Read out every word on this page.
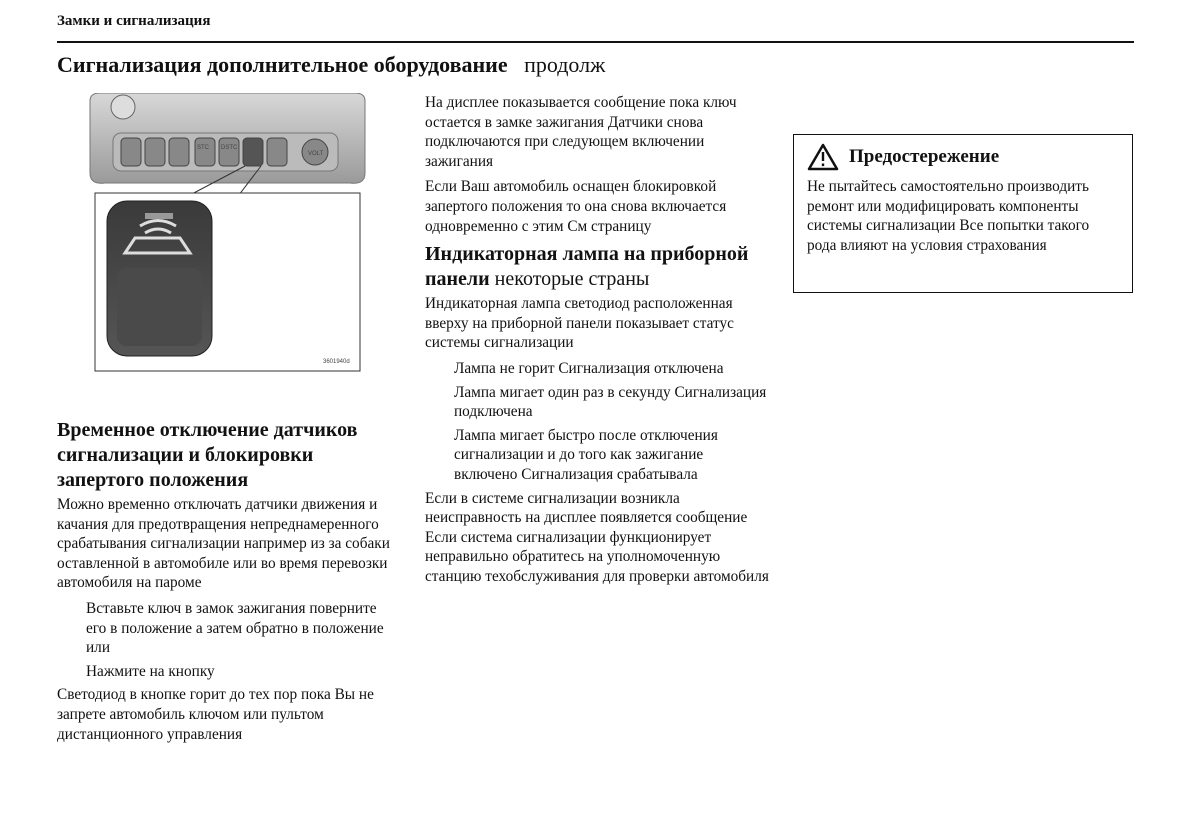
Замки и сигнализация
Сигнализация дополнительное оборудование продолж
STC DSTC
VOLT
3601940d
Временное отключение датчиков сигнализации и блокировки запертого положения

Можно временно отключать датчики движения и качания для предотвращения непреднамеренного срабатывания сигнализации например из за собаки оставленной в автомобиле или во время перевозки автомобиля на пароме

Вставьте ключ в замок зажигания поверните его в положение а затем обратно в положение или

Нажмите на кнопку

Светодиод в кнопке горит до тех пор пока Вы не запрете автомобиль ключом или пультом дистанционного управления

На дисплее показывается сообщение пока ключ остается в замке зажигания Датчики снова подключаются при следующем включении зажигания

Если Ваш автомобиль оснащен блокировкой запертого положения то она снова включается одновременно с этим См страницу

Индикаторная лампа на приборной панели некоторые страны

Индикаторная лампа светодиод расположенная вверху на приборной панели показывает статус системы сигнализации

Лампа не горит Сигнализация отключена

Лампа мигает один раз в секунду Сигнализация подключена

Лампа мигает быстро после отключения сигнализации и до того как зажигание включено Сигнализация срабатывала

Если в системе сигнализации возникла неисправность на дисплее появляется сообщение

Если система сигнализации функционирует неправильно обратитесь на уполномоченную станцию техобслуживания для проверки автомобиля

Предостережение
Не пытайтесь самостоятельно производить ремонт или модифицировать компоненты системы сигнализации Все попытки такого рода влияют на условия страхования
